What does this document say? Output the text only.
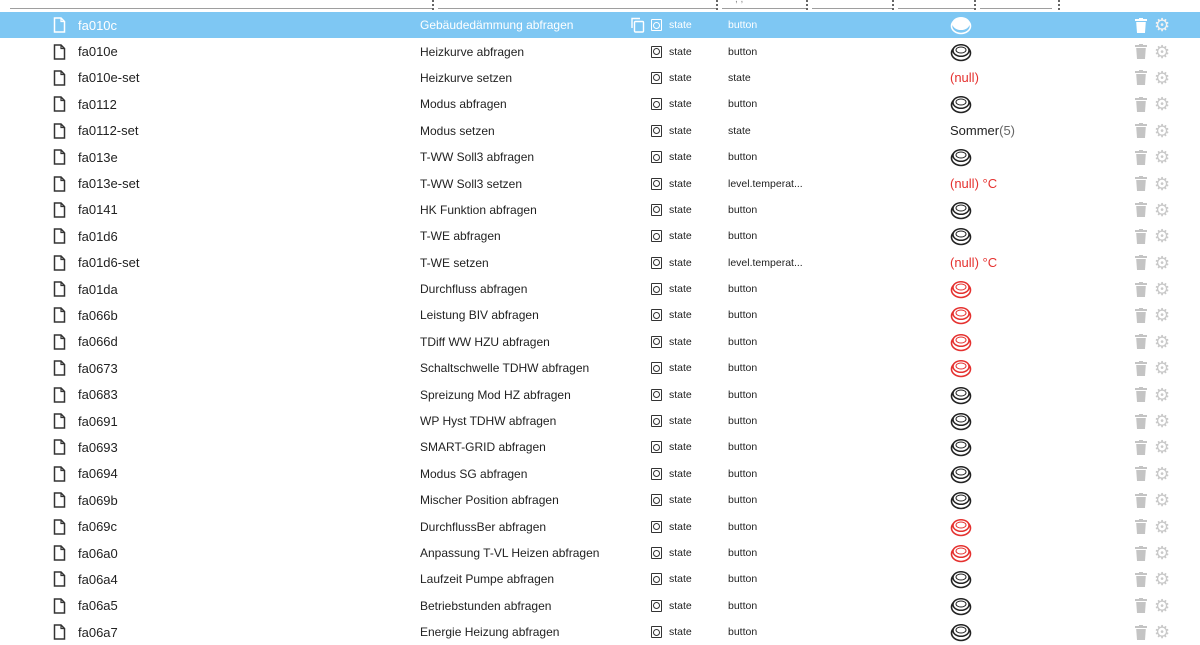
fa010c	Gebäudedämmung abfragen	state	button	⚙
fa010e	Heizkurve abfragen	state	button	⚙
fa010e-set	Heizkurve setzen	state	state	(null)	⚙
fa0112	Modus abfragen	state	button	⚙
fa0112-set	Modus setzen	state	state	Sommer (5)	⚙
fa013e	T-WW Soll3 abfragen	state	button	⚙
fa013e-set	T-WW Soll3 setzen	state	level.temperat...	(null) °C	⚙
fa0141	HK Funktion abfragen	state	button	⚙
fa01d6	T-WE abfragen	state	button	⚙
fa01d6-set	T-WE setzen	state	level.temperat...	(null) °C	⚙
fa01da	Durchfluss abfragen	state	button	⚙
fa066b	Leistung BIV abfragen	state	button	⚙
fa066d	TDiff WW HZU abfragen	state	button	⚙
fa0673	Schaltschwelle TDHW abfragen	state	button	⚙
fa0683	Spreizung Mod HZ abfragen	state	button	⚙
fa0691	WP Hyst TDHW abfragen	state	button	⚙
fa0693	SMART-GRID abfragen	state	button	⚙
fa0694	Modus SG abfragen	state	button	⚙
fa069b	Mischer Position abfragen	state	button	⚙
fa069c	DurchflussBer abfragen	state	button	⚙
fa06a0	Anpassung T-VL Heizen abfragen	state	button	⚙
fa06a4	Laufzeit Pumpe abfragen	state	button	⚙
fa06a5	Betriebstunden abfragen	state	button	⚙
fa06a7	Energie Heizung abfragen	state	button	⚙
